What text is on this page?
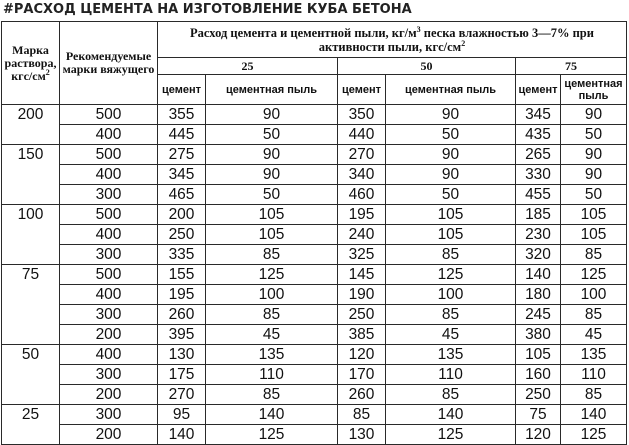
#РАСХОД ЦЕМЕНТА НА ИЗГОТОВЛЕНИЕ КУБА БЕТОНА
Марка раствора, кгс/$см^2$	Рекомендуемые марки вяжущего	Расход цемента и цементной пыли, $кг/м^3$ песка влажностью 3—7% при активности пыли, кгс/$см^2$
		25		50		75	
		цемент	цементная пыль	цемент	цементная пыль	цемент	цементная пыль
200	500	355	90	350	90	345	90
	400	445	50	440	50	435	50
150	500	275	90	270	90	265	90
	400	345	90	340	90	330	90
	300	465	50	460	50	455	50
100	500	200	105	195	105	185	105
	400	250	105	240	105	230	105
	300	335	85	325	85	320	85
75	500	155	125	145	125	140	125
	400	195	100	190	100	180	100
	300	260	85	250	85	245	85
	200	395	45	385	45	380	45
50	400	130	135	120	135	105	135
	300	175	110	170	110	160	110
	200	270	85	260	85	250	85
25	300	95	140	85	140	75	140
	200	140	125	130	125	120	125
